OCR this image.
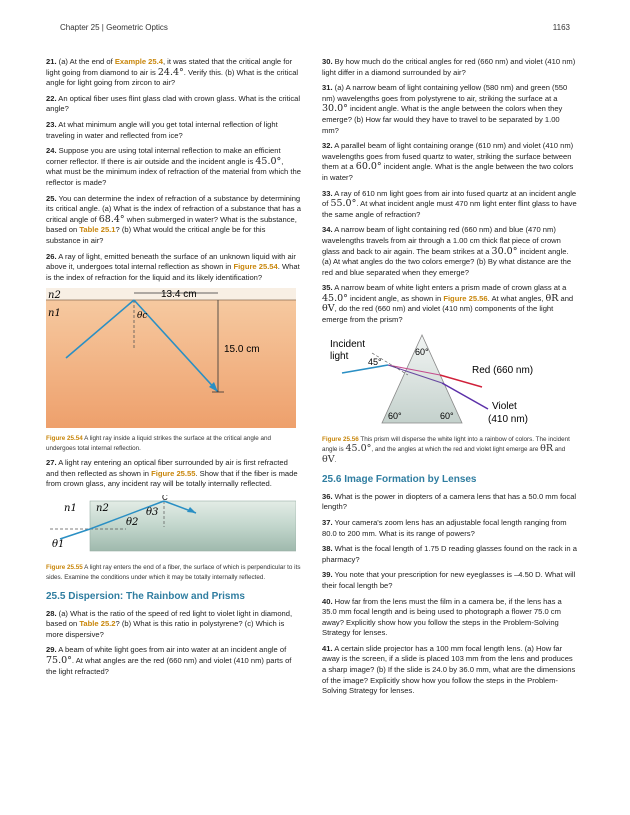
Chapter 25 | Geometric Optics	1163

21. (a) At the end of Example 25.4, it was stated that the critical angle for light going from diamond to air is 24.4°. Verify this. (b) What is the critical angle for light going from zircon to air?

22. An optical fiber uses flint glass clad with crown glass. What is the critical angle?

23. At what minimum angle will you get total internal reflection of light traveling in water and reflected from ice?

24. Suppose you are using total internal reflection to make an efficient corner reflector. If there is air outside and the incident angle is 45.0°, what must be the minimum index of refraction of the material from which the reflector is made?

25. You can determine the index of refraction of a substance by determining its critical angle. (a) What is the index of refraction of a substance that has a critical angle of 68.4° when submerged in water? What is the substance, based on Table 25.1? (b) What would the critical angle be for this substance in air?

26. A ray of light, emitted beneath the surface of an unknown liquid with air above it, undergoes total internal reflection as shown in Figure 25.54. What is the index of refraction for the liquid and its likely identification?

n2
n1	θc
13.4 cm
15.0 cm

Figure 25.54 A light ray inside a liquid strikes the surface at the critical angle and undergoes total internal reflection.

27. A light ray entering an optical fiber surrounded by air is first refracted and then reflected as shown in Figure 25.55. Show that if the fiber is made from crown glass, any incident ray will be totally internally reflected.

n1 n2
C
θ1
θ2
θ3

Figure 25.55 A light ray enters the end of a fiber, the surface of which is perpendicular to its sides. Examine the conditions under which it may be totally internally reflected.

25.5 Dispersion: The Rainbow and Prisms

28. (a) What is the ratio of the speed of red light to violet light in diamond, based on Table 25.2? (b) What is this ratio in polystyrene? (c) Which is more dispersive?

29. A beam of white light goes from air into water at an incident angle of 75.0°. At what angles are the red (660 nm) and violet (410 nm) parts of the light refracted?

30. By how much do the critical angles for red (660 nm) and violet (410 nm) light differ in a diamond surrounded by air?

31. (a) A narrow beam of light containing yellow (580 nm) and green (550 nm) wavelengths goes from polystyrene to air, striking the surface at a 30.0° incident angle. What is the angle between the colors when they emerge? (b) How far would they have to travel to be separated by 1.00 mm?

32. A parallel beam of light containing orange (610 nm) and violet (410 nm) wavelengths goes from fused quartz to water, striking the surface between them at a 60.0° incident angle. What is the angle between the two colors in water?

33. A ray of 610 nm light goes from air into fused quartz at an incident angle of 55.0°. At what incident angle must 470 nm light enter flint glass to have the same angle of refraction?

34. A narrow beam of light containing red (660 nm) and blue (470 nm) wavelengths travels from air through a 1.00 cm thick flat piece of crown glass and back to air again. The beam strikes at a 30.0° incident angle. (a) At what angles do the two colors emerge? (b) By what distance are the red and blue separated when they emerge?

35. A narrow beam of white light enters a prism made of crown glass at a 45.0° incident angle, as shown in Figure 25.56. At what angles, θR and θV, do the red (660 nm) and violet (410 nm) components of the light emerge from the prism?

Incident
light 45°
60°
60°	60°
Red (660 nm)
Violet
(410 nm)

Figure 25.56 This prism will disperse the white light into a rainbow of colors. The incident angle is 45.0°, and the angles at which the red and violet light emerge are θR and θV.

25.6 Image Formation by Lenses

36. What is the power in diopters of a camera lens that has a 50.0 mm focal length?

37. Your camera's zoom lens has an adjustable focal length ranging from 80.0 to 200 mm. What is its range of powers?

38. What is the focal length of 1.75 D reading glasses found on the rack in a pharmacy?

39. You note that your prescription for new eyeglasses is –4.50 D. What will their focal length be?

40. How far from the lens must the film in a camera be, if the lens has a 35.0 mm focal length and is being used to photograph a flower 75.0 cm away? Explicitly show how you follow the steps in the Problem-Solving Strategy for lenses.

41. A certain slide projector has a 100 mm focal length lens. (a) How far away is the screen, if a slide is placed 103 mm from the lens and produces a sharp image? (b) If the slide is 24.0 by 36.0 mm, what are the dimensions of the image? Explicitly show how you follow the steps in the Problem-Solving Strategy for lenses.
